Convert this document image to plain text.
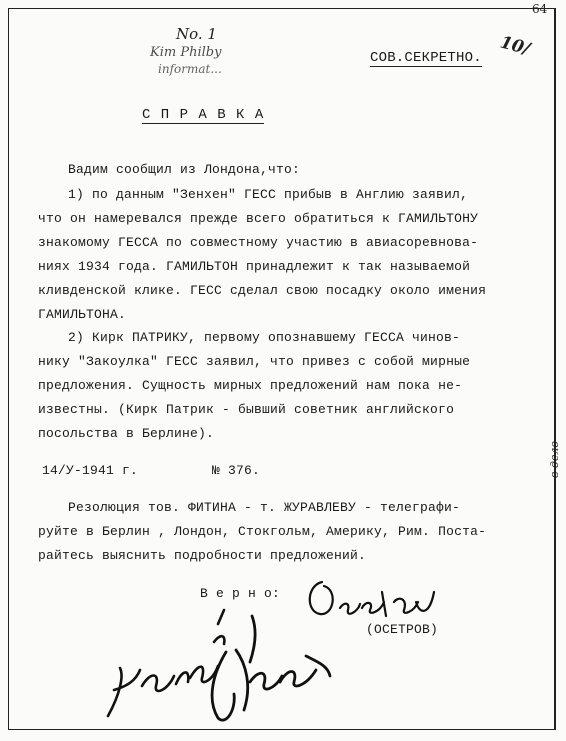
64
No. 1
Kim Philby
informat...
СОВ.СЕКРЕТНО. 10/
С П Р А В К А
Вадим сообщил из Лондона,что:
1) по данным "Зенхен" ГЕСС прибыв в Англию заявил,
что он намеревался прежде всего обратиться к ГАМИЛЬТОНУ
знакомому ГЕССА по совместному участию в авиасоревнова-
ниях 1934 года. ГАМИЛЬТОН принадлежит к так называемой
кливденской клике. ГЕСС сделал свою посадку около имения
ГАМИЛЬТОНА.
2) Кирк ПАТРИКУ, первому опознавшему ГЕССА чинов-
нику "Закоулка" ГЕСС заявил, что привез с собой мирные
предложения. Сущность мирных предложений нам пока не-
известны. (Кирк Патрик - бывший советник английского
посольства в Берлине).
14/У-1941 г.	№ 376.
Резолюция тов. ФИТИНА - т. ЖУРАВЛЕВУ - телеграфи-
руйте в Берлин , Лондон, Стокгольм, Америку, Рим. Поста-
райтесь выяснить подробности предложений.
В е р н о:
(ОСЕТРОВ)
в дело
